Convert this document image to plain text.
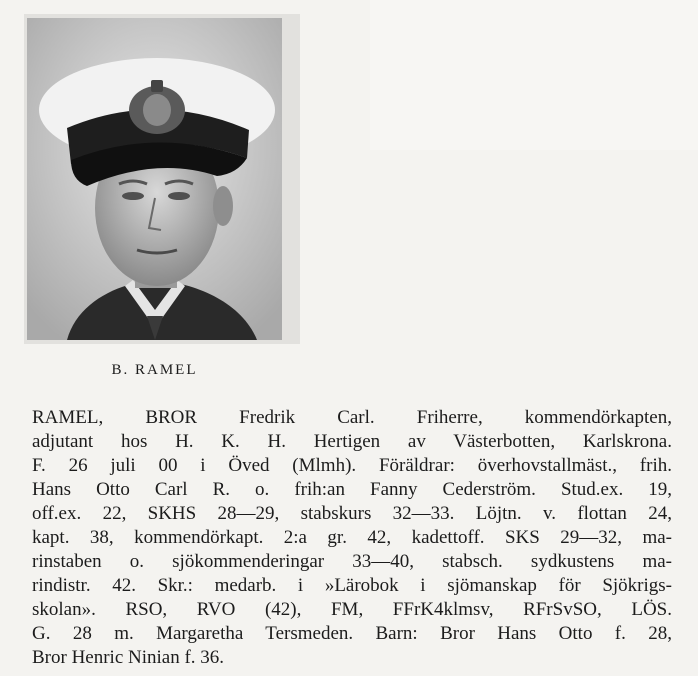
B. RAMEL
RAMEL, BROR Fredrik Carl. Friherre, kommendörkapten,
adjutant hos H. K. H. Hertigen av Västerbotten, Karlskrona.
F. 26 juli 00 i Öved (Mlmh). Föräldrar: överhovstallmäst., frih.
Hans Otto Carl R. o. frih:an Fanny Cederström. Stud.ex. 19,
off.ex. 22, SKHS 28—29, stabskurs 32—33. Löjtn. v. flottan 24,
kapt. 38, kommendörkapt. 2:a gr. 42, kadettoff. SKS 29—32, ma-
rinstaben o. sjökommenderingar 33—40, stabsch. sydkustens ma-
rindistr. 42. Skr.: medarb. i »Lärobok i sjömanskap för Sjökrigs-
skolan». RSO, RVO (42), FM, FFrK4klmsv, RFrSvSO, LÖS.
G. 28 m. Margaretha Tersmeden. Barn: Bror Hans Otto f. 28,
Bror Henric Ninian f. 36.
